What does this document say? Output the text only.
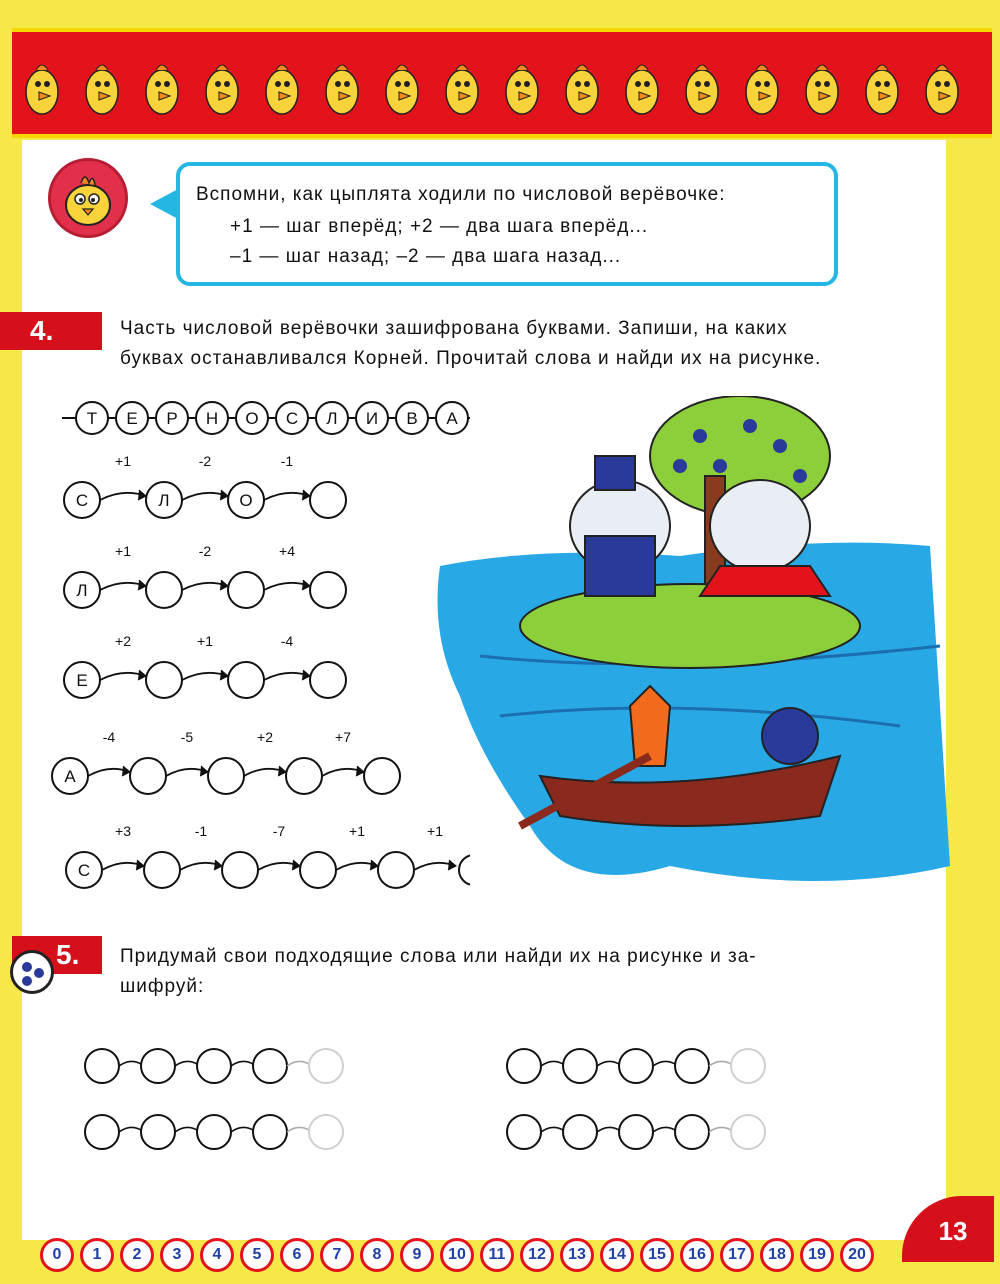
Вспомни, как цыплята ходили по числовой верёвочке:
+1 — шаг вперёд; +2 — два шага вперёд...
–1 — шаг назад; –2 — два шага назад...
4.	Часть числовой верёвочки зашифрована буквами. Запиши, на каких
буквах останавливался Корней. Прочитай слова и найди их на рисунке.
Т Е Р Н О С Л И В А
С
+1
Л
-2
О
-1
Л
+1	-2	+4
Е
+2	+1	-4
А
-4	-5	+2	+7
С
+3	-1	-7	+1	+1
5.	Придумай свои подходящие слова или найди их на рисунке и за-
шифруй:
13
0	1	2	3	4	5	6	7	8	9	10	11	12	13	14	15	16	17	18	19	20
